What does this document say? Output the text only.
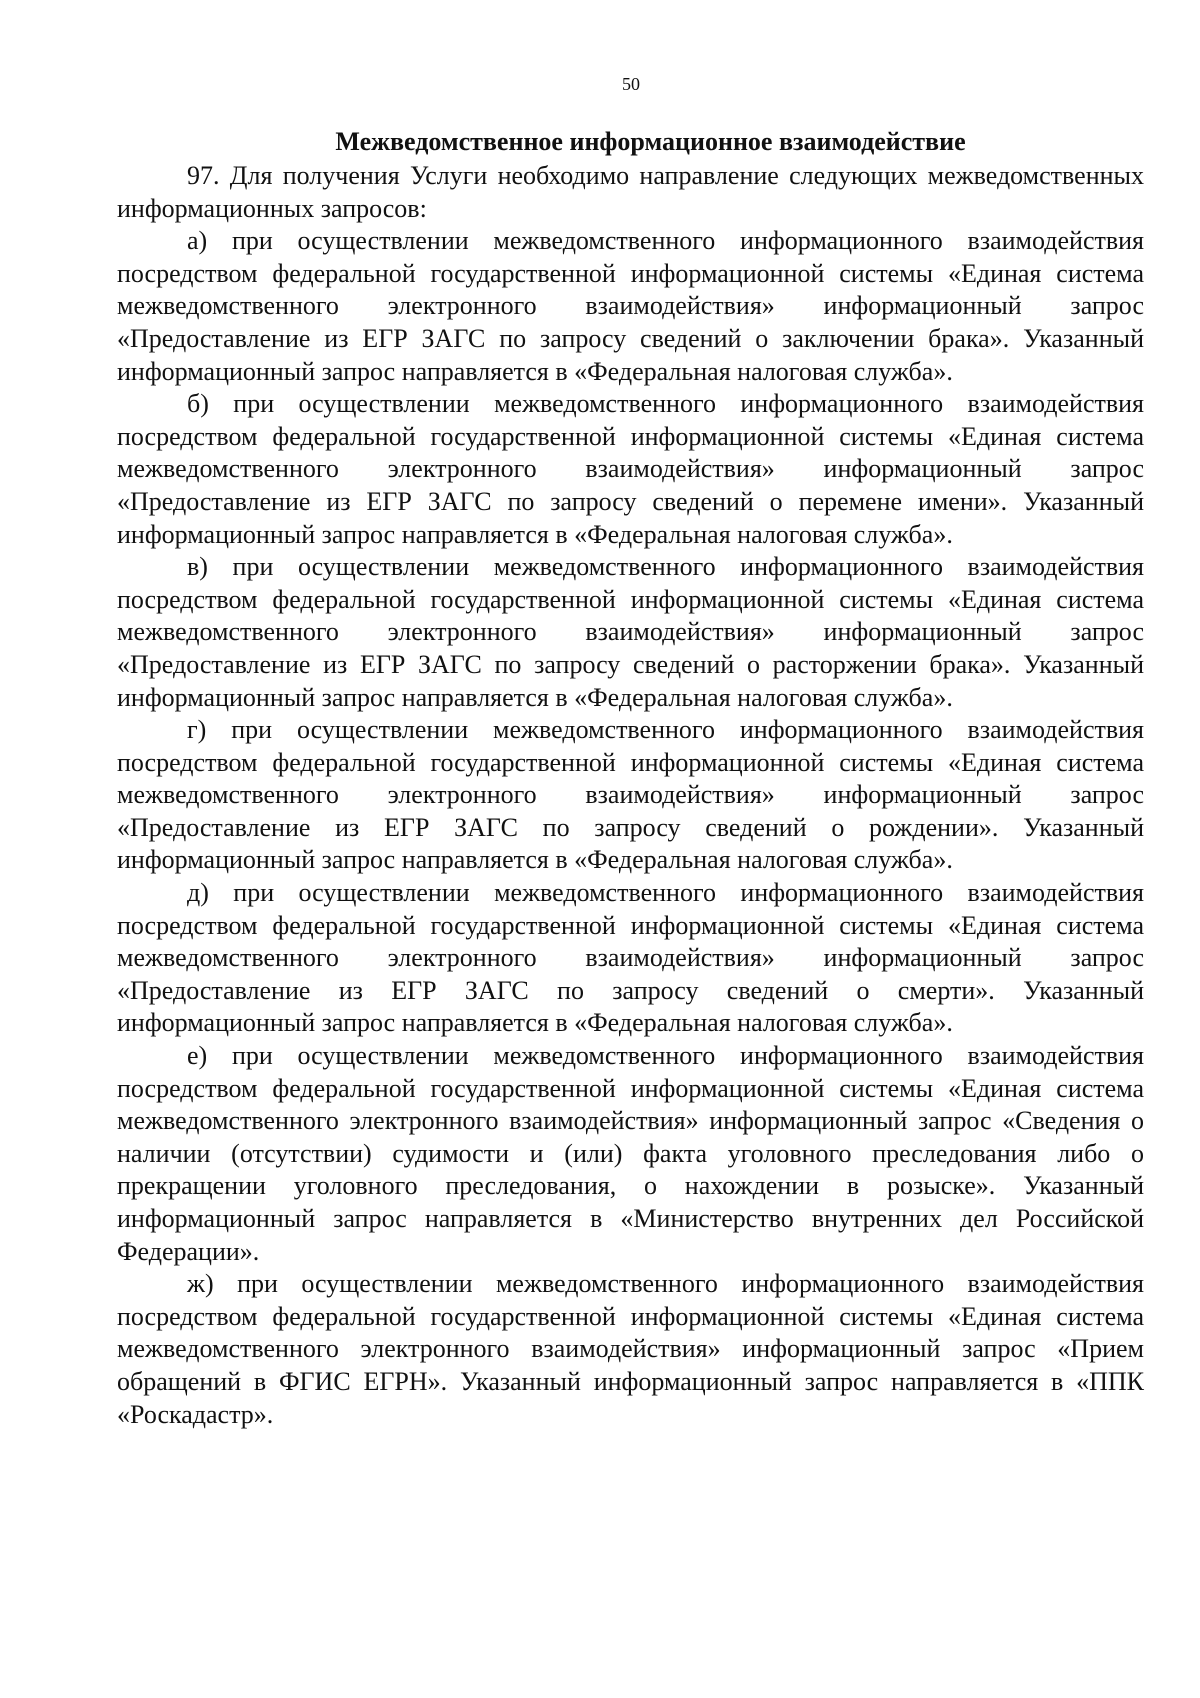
50
Межведомственное информационное взаимодействие

97. Для получения Услуги необходимо направление следующих межведомственных информационных запросов:

а) при осуществлении межведомственного информационного взаимодействия посредством федеральной государственной информационной системы «Единая система межведомственного электронного взаимодействия» информационный запрос «Предоставление из ЕГР ЗАГС по запросу сведений о заключении брака». Указанный информационный запрос направляется в «Федеральная налоговая служба».

б) при осуществлении межведомственного информационного взаимодействия посредством федеральной государственной информационной системы «Единая система межведомственного электронного взаимодействия» информационный запрос «Предоставление из ЕГР ЗАГС по запросу сведений о перемене имени». Указанный информационный запрос направляется в «Федеральная налоговая служба».

в) при осуществлении межведомственного информационного взаимодействия посредством федеральной государственной информационной системы «Единая система межведомственного электронного взаимодействия» информационный запрос «Предоставление из ЕГР ЗАГС по запросу сведений о расторжении брака». Указанный информационный запрос направляется в «Федеральная налоговая служба».

г) при осуществлении межведомственного информационного взаимодействия посредством федеральной государственной информационной системы «Единая система межведомственного электронного взаимодействия» информационный запрос «Предоставление из ЕГР ЗАГС по запросу сведений о рождении». Указанный информационный запрос направляется в «Федеральная налоговая служба».

д) при осуществлении межведомственного информационного взаимодействия посредством федеральной государственной информационной системы «Единая система межведомственного электронного взаимодействия» информационный запрос «Предоставление из ЕГР ЗАГС по запросу сведений о смерти». Указанный информационный запрос направляется в «Федеральная налоговая служба».

е) при осуществлении межведомственного информационного взаимодействия посредством федеральной государственной информационной системы «Единая система межведомственного электронного взаимодействия» информационный запрос «Сведения о наличии (отсутствии) судимости и (или) факта уголовного преследования либо о прекращении уголовного преследования, о нахождении в розыске». Указанный информационный запрос направляется в «Министерство внутренних дел Российской Федерации».

ж) при осуществлении межведомственного информационного взаимодействия посредством федеральной государственной информационной системы «Единая система межведомственного электронного взаимодействия» информационный запрос «Прием обращений в ФГИС ЕГРН». Указанный информационный запрос направляется в «ППК «Роскадастр».
